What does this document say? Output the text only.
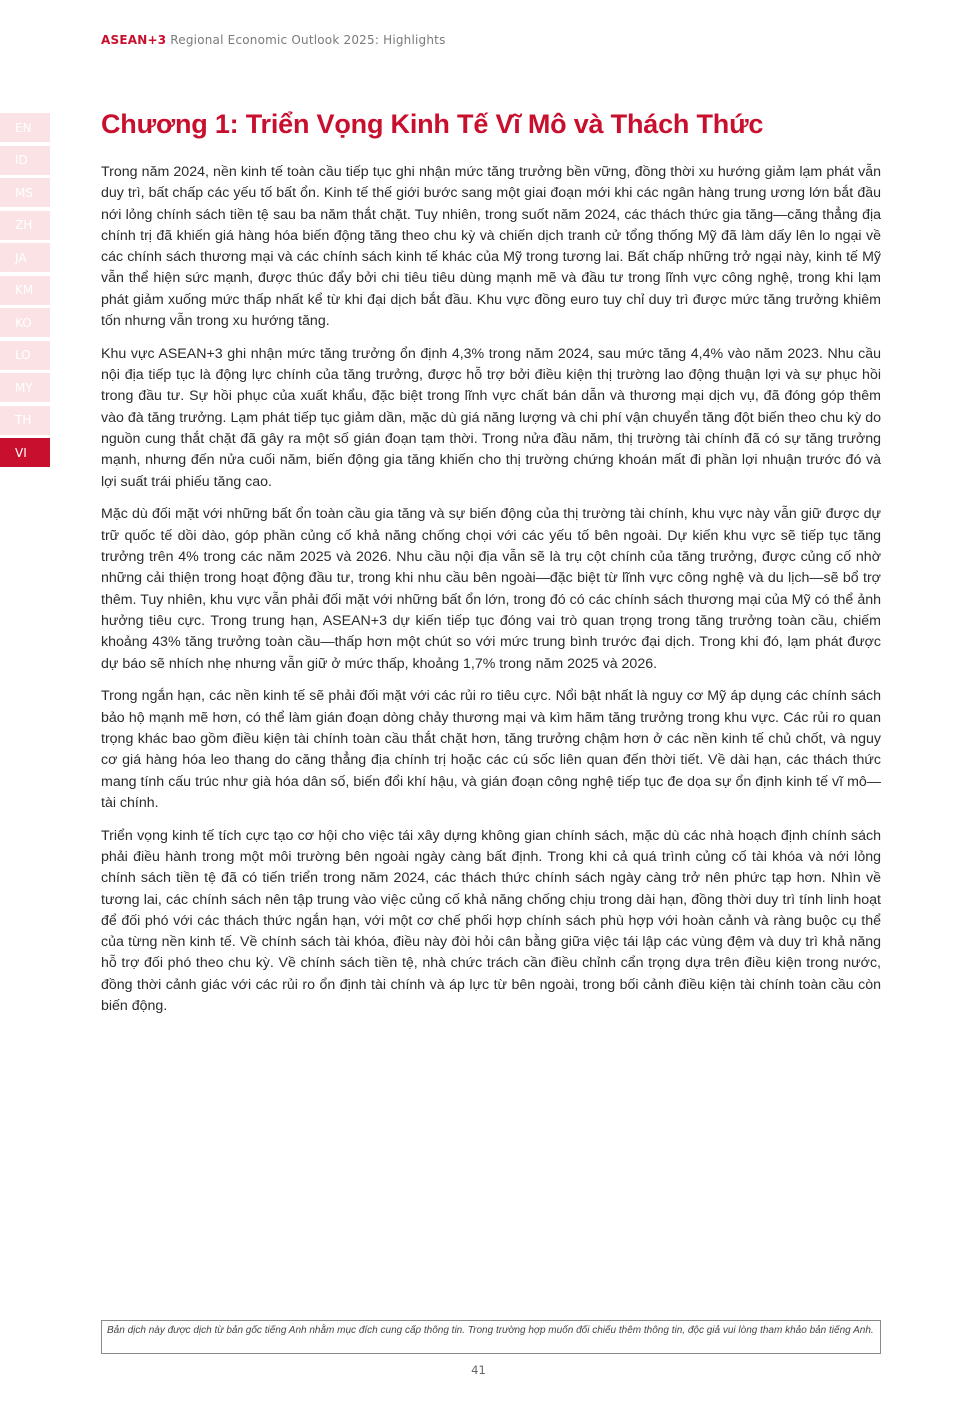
ASEAN+3 Regional Economic Outlook 2025: Highlights
EN
ID
MS
ZH
JA
KM
KO
LO
MY
TH
VI
Chương 1: Triển Vọng Kinh Tế Vĩ Mô và Thách Thức

Trong năm 2024, nền kinh tế toàn cầu tiếp tục ghi nhận mức tăng trưởng bền vững, đồng thời xu hướng giảm lạm phát vẫn duy trì, bất chấp các yếu tố bất ổn. Kinh tế thế giới bước sang một giai đoạn mới khi các ngân hàng trung ương lớn bắt đầu nới lỏng chính sách tiền tệ sau ba năm thắt chặt. Tuy nhiên, trong suốt năm 2024, các thách thức gia tăng—căng thẳng địa chính trị đã khiến giá hàng hóa biến động tăng theo chu kỳ và chiến dịch tranh cử tổng thống Mỹ đã làm dấy lên lo ngại về các chính sách thương mại và các chính sách kinh tế khác của Mỹ trong tương lai. Bất chấp những trở ngại này, kinh tế Mỹ vẫn thể hiện sức mạnh, được thúc đẩy bởi chi tiêu tiêu dùng mạnh mẽ và đầu tư trong lĩnh vực công nghệ, trong khi lạm phát giảm xuống mức thấp nhất kể từ khi đại dịch bắt đầu. Khu vực đồng euro tuy chỉ duy trì được mức tăng trưởng khiêm tốn nhưng vẫn trong xu hướng tăng.

Khu vực ASEAN+3 ghi nhận mức tăng trưởng ổn định 4,3% trong năm 2024, sau mức tăng 4,4% vào năm 2023. Nhu cầu nội địa tiếp tục là động lực chính của tăng trưởng, được hỗ trợ bởi điều kiện thị trường lao động thuận lợi và sự phục hồi trong đầu tư. Sự hồi phục của xuất khẩu, đặc biệt trong lĩnh vực chất bán dẫn và thương mại dịch vụ, đã đóng góp thêm vào đà tăng trưởng. Lạm phát tiếp tục giảm dần, mặc dù giá năng lượng và chi phí vận chuyển tăng đột biến theo chu kỳ do nguồn cung thắt chặt đã gây ra một số gián đoạn tạm thời. Trong nửa đầu năm, thị trường tài chính đã có sự tăng trưởng mạnh, nhưng đến nửa cuối năm, biến động gia tăng khiến cho thị trường chứng khoán mất đi phần lợi nhuận trước đó và lợi suất trái phiếu tăng cao.

Mặc dù đối mặt với những bất ổn toàn cầu gia tăng và sự biến động của thị trường tài chính, khu vực này vẫn giữ được dự trữ quốc tế dồi dào, góp phần củng cố khả năng chống chọi với các yếu tố bên ngoài. Dự kiến khu vực sẽ tiếp tục tăng trưởng trên 4% trong các năm 2025 và 2026. Nhu cầu nội địa vẫn sẽ là trụ cột chính của tăng trưởng, được củng cố nhờ những cải thiện trong hoạt động đầu tư, trong khi nhu cầu bên ngoài—đặc biệt từ lĩnh vực công nghệ và du lịch—sẽ bổ trợ thêm. Tuy nhiên, khu vực vẫn phải đối mặt với những bất ổn lớn, trong đó có các chính sách thương mại của Mỹ có thể ảnh hưởng tiêu cực. Trong trung hạn, ASEAN+3 dự kiến tiếp tục đóng vai trò quan trọng trong tăng trưởng toàn cầu, chiếm khoảng 43% tăng trưởng toàn cầu—thấp hơn một chút so với mức trung bình trước đại dịch. Trong khi đó, lạm phát được dự báo sẽ nhích nhẹ nhưng vẫn giữ ở mức thấp, khoảng 1,7% trong năm 2025 và 2026.

Trong ngắn hạn, các nền kinh tế sẽ phải đối mặt với các rủi ro tiêu cực. Nổi bật nhất là nguy cơ Mỹ áp dụng các chính sách bảo hộ mạnh mẽ hơn, có thể làm gián đoạn dòng chảy thương mại và kìm hãm tăng trưởng trong khu vực. Các rủi ro quan trọng khác bao gồm điều kiện tài chính toàn cầu thắt chặt hơn, tăng trưởng chậm hơn ở các nền kinh tế chủ chốt, và nguy cơ giá hàng hóa leo thang do căng thẳng địa chính trị hoặc các cú sốc liên quan đến thời tiết. Về dài hạn, các thách thức mang tính cấu trúc như già hóa dân số, biến đổi khí hậu, và gián đoạn công nghệ tiếp tục đe dọa sự ổn định kinh tế vĩ mô—tài chính.

Triển vọng kinh tế tích cực tạo cơ hội cho việc tái xây dựng không gian chính sách, mặc dù các nhà hoạch định chính sách phải điều hành trong một môi trường bên ngoài ngày càng bất định. Trong khi cả quá trình củng cố tài khóa và nới lỏng chính sách tiền tệ đã có tiến triển trong năm 2024, các thách thức chính sách ngày càng trở nên phức tạp hơn. Nhìn về tương lai, các chính sách nên tập trung vào việc củng cố khả năng chống chịu trong dài hạn, đồng thời duy trì tính linh hoạt để đối phó với các thách thức ngắn hạn, với một cơ chế phối hợp chính sách phù hợp với hoàn cảnh và ràng buộc cụ thể của từng nền kinh tế. Về chính sách tài khóa, điều này đòi hỏi cân bằng giữa việc tái lập các vùng đệm và duy trì khả năng hỗ trợ đối phó theo chu kỳ. Về chính sách tiền tệ, nhà chức trách cần điều chỉnh cẩn trọng dựa trên điều kiện trong nước, đồng thời cảnh giác với các rủi ro ổn định tài chính và áp lực từ bên ngoài, trong bối cảnh điều kiện tài chính toàn cầu còn biến động.

Bản dịch này được dịch từ bản gốc tiếng Anh nhằm mục đích cung cấp thông tin. Trong trường hợp muốn đối chiếu thêm thông tin, độc giả vui lòng tham khảo bản tiếng Anh.
41
